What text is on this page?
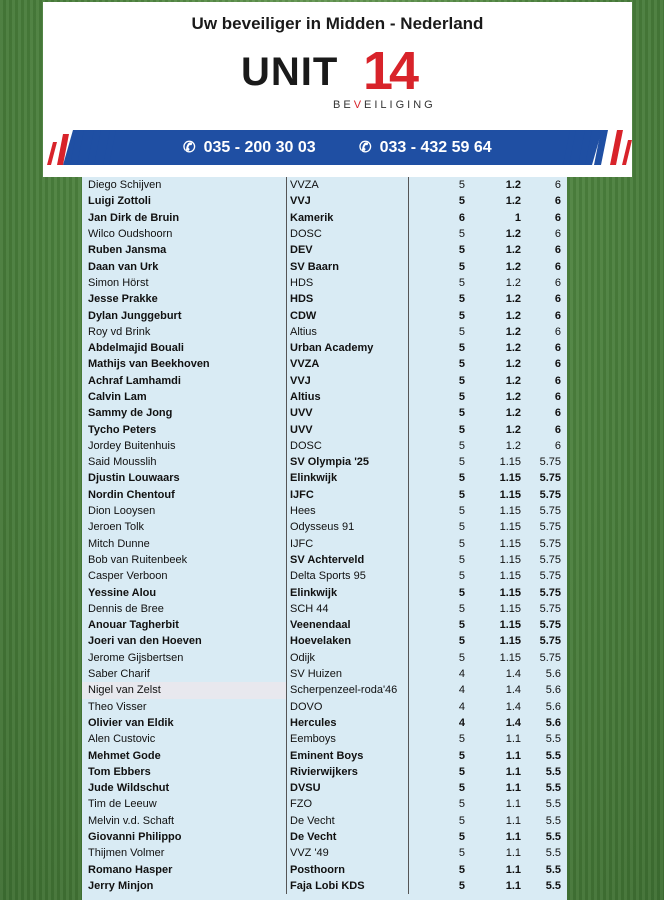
Uw beveiliger in Midden - Nederland
UNIT 14
BEVEILIGING
✆ 035 - 200 30 03	✆ 033 - 432 59 64
Diego Schijven	VVZA	5	1.2	6
Luigi Zottoli	VVJ	5	1.2	6
Jan Dirk de Bruin	Kamerik	6	1	6
Wilco Oudshoorn	DOSC	5	1.2	6
Ruben Jansma	DEV	5	1.2	6
Daan van Urk	SV Baarn	5	1.2	6
Simon Hörst	HDS	5	1.2	6
Jesse Prakke	HDS	5	1.2	6
Dylan Junggeburt	CDW	5	1.2	6
Roy vd Brink	Altius	5	1.2	6
Abdelmajid Bouali	Urban Academy	5	1.2	6
Mathijs van Beekhoven	VVZA	5	1.2	6
Achraf Lamhamdi	VVJ	5	1.2	6
Calvin Lam	Altius	5	1.2	6
Sammy de Jong	UVV	5	1.2	6
Tycho Peters	UVV	5	1.2	6
Jordey Buitenhuis	DOSC	5	1.2	6
Said Mousslih	SV Olympia '25	5	1.15	5.75
Djustin Louwaars	Elinkwijk	5	1.15	5.75
Nordin Chentouf	IJFC	5	1.15	5.75
Dion Looysen	Hees	5	1.15	5.75
Jeroen Tolk	Odysseus 91	5	1.15	5.75
Mitch Dunne	IJFC	5	1.15	5.75
Bob van Ruitenbeek	SV Achterveld	5	1.15	5.75
Casper Verboon	Delta Sports 95	5	1.15	5.75
Yessine Alou	Elinkwijk	5	1.15	5.75
Dennis de Bree	SCH 44	5	1.15	5.75
Anouar Tagherbit	Veenendaal	5	1.15	5.75
Joeri van den Hoeven	Hoevelaken	5	1.15	5.75
Jerome Gijsbertsen	Odijk	5	1.15	5.75
Saber Charif	SV Huizen	4	1.4	5.6
Nigel van Zelst	Scherpenzeel-roda'46	4	1.4	5.6
Theo Visser	DOVO	4	1.4	5.6
Olivier van Eldik	Hercules	4	1.4	5.6
Alen Custovic	Eemboys	5	1.1	5.5
Mehmet Gode	Eminent Boys	5	1.1	5.5
Tom Ebbers	Rivierwijkers	5	1.1	5.5
Jude Wildschut	DVSU	5	1.1	5.5
Tim de Leeuw	FZO	5	1.1	5.5
Melvin v.d. Schaft	De Vecht	5	1.1	5.5
Giovanni Philippo	De Vecht	5	1.1	5.5
Thijmen Volmer	VVZ '49	5	1.1	5.5
Romano Hasper	Posthoorn	5	1.1	5.5
Jerry Minjon	Faja Lobi KDS	5	1.1	5.5
